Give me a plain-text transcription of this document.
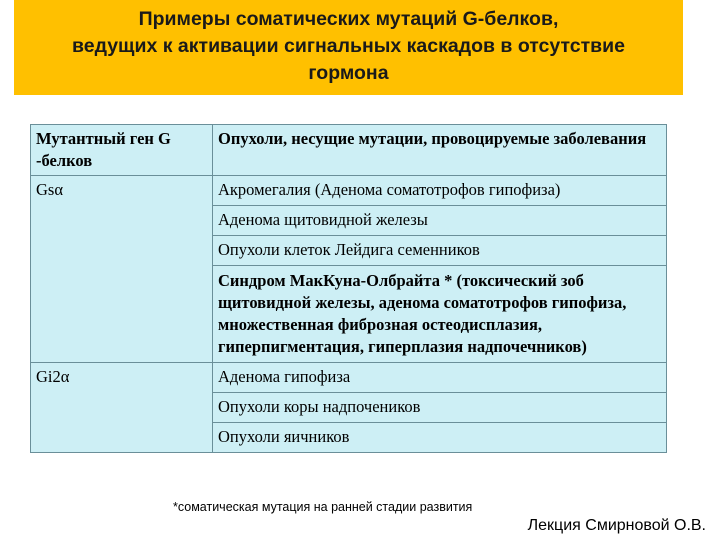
Примеры соматических мутаций G-белков,
ведущих к активации сигнальных каскадов в отсутствие
гормона
Мутантный ген G -белков	Опухоли, несущие мутации, провоцируемые заболевания
Gsα	Акромегалия (Аденома соматотрофов гипофиза)
	Аденома щитовидной железы
	Опухоли клеток Лейдига семенников
	Синдром МакКуна-Олбрайта * (токсический зоб щитовидной железы, аденома соматотрофов гипофиза, множественная фиброзная остеодисплазия, гиперпигментация, гиперплазия надпочечников)
Gi2α	Аденома гипофиза
	Опухоли коры надпочеников
	Опухоли яичников
*соматическая мутация на ранней стадии развития
Лекция Смирновой О.В.
